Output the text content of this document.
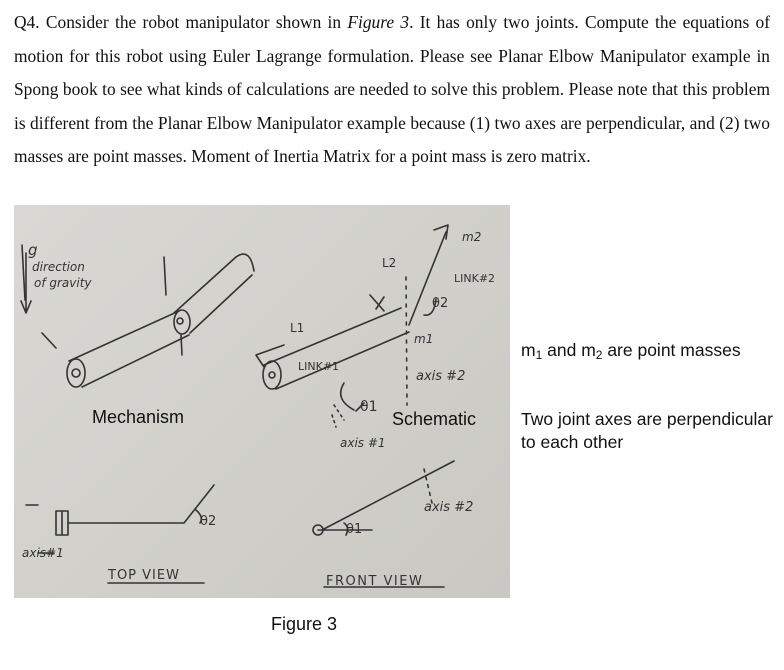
Q4. Consider the robot manipulator shown in Figure 3. It has only two joints. Compute the equations of motion for this robot using Euler Lagrange formulation. Please see Planar Elbow Manipulator example in Spong book to see what kinds of calculations are needed to solve this problem. Please note that this problem is different from the Planar Elbow Manipulator example because (1) two axes are perpendicular, and (2) two masses are point masses. Moment of Inertia Matrix for a point mass is zero matrix.

g
direction
of gravity
L1
L2
m2
m1
LINK#1
LINK#2
θ2
θ1
axis #1
axis #2
axis#1
TOP VIEW	FRONT VIEW
θ2
θ1
axis #2
Mechanism	Schematic
$m_1$ and $m_2$ are point masses
Two joint axes are perpendicular to each other
Figure 3
